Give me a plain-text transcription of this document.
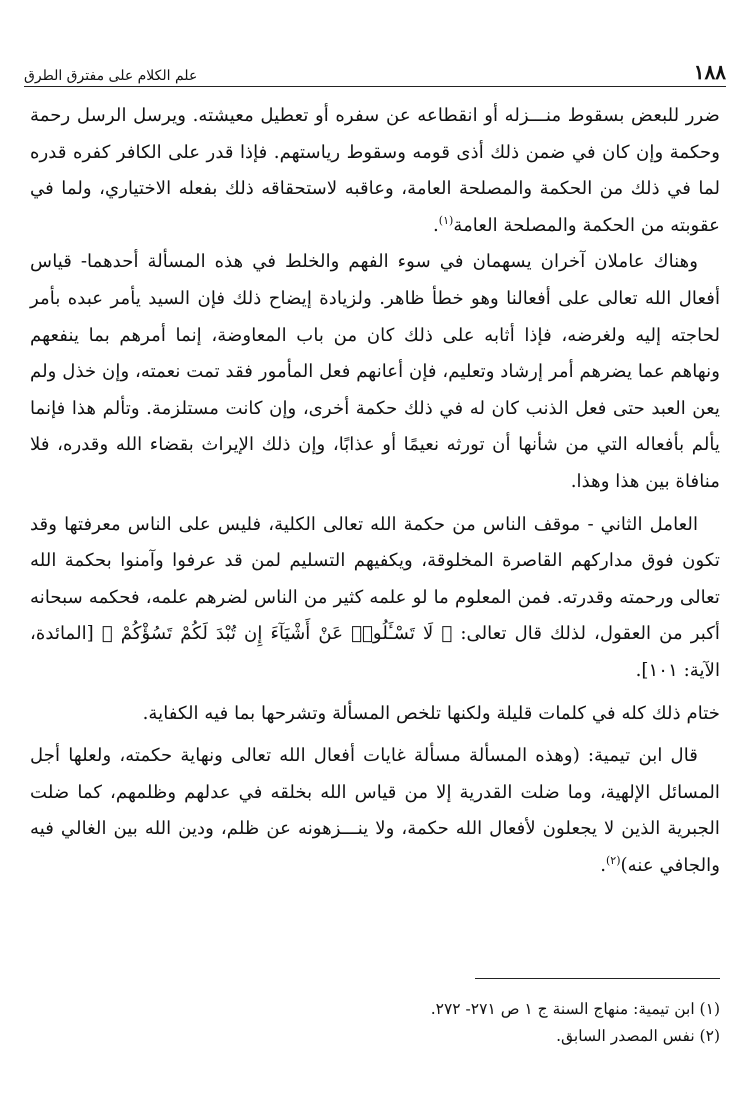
١٨٨
علم الكلام على مفترق الطرق

ضرر للبعض بسقوط منـــزله أو انقطاعه عن سفره أو تعطيل معيشته. ويرسل الرسل رحمة وحكمة وإن كان في ضمن ذلك أذى قومه وسقوط رياستهم. فإذا قدر على الكافر كفره قدره لما في ذلك من الحكمة والمصلحة العامة، وعاقبه لاستحقاقه ذلك بفعله الاختياري، ولما في عقوبته من الحكمة والمصلحة العامة$^{(١)}$.

وهناك عاملان آخران يسهمان في سوء الفهم والخلط في هذه المسألة أحدهما- قياس أفعال الله تعالى على أفعالنا وهو خطأ ظاهر. ولزيادة إيضاح ذلك فإن السيد يأمر عبده بأمر لحاجته إليه ولغرضه، فإذا أثابه على ذلك كان من باب المعاوضة، إنما أمرهم بما ينفعهم ونهاهم عما يضرهم أمر إرشاد وتعليم، فإن أعانهم فعل المأمور فقد تمت نعمته، وإن خذل ولم يعن العبد حتى فعل الذنب كان له في ذلك حكمة أخرى، وإن كانت مستلزمة. وتألم هذا فإنما يألم بأفعاله التي من شأنها أن تورثه نعيمًا أو عذابًا، وإن ذلك الإيراث بقضاء الله وقدره، فلا منافاة بين هذا وهذا.

العامل الثاني - موقف الناس من حكمة الله تعالى الكلية، فليس على الناس معرفتها وقد تكون فوق مداركهم القاصرة المخلوقة، ويكفيهم التسليم لمن قد عرفوا وآمنوا بحكمة الله تعالى ورحمته وقدرته. فمن المعلوم ما لو علمه كثير من الناس لضرهم علمه، فحكمه سبحانه أكبر من العقول، لذلك قال تعالى: ﴿ لَا تَسْـَٔلُوا۟ عَنْ أَشْيَآءَ إِن تُبْدَ لَكُمْ تَسُؤْكُمْ ﴾ [المائدة، الآية: ١٠١].

ختام ذلك كله في كلمات قليلة ولكنها تلخص المسألة وتشرحها بما فيه الكفاية.

قال ابن تيمية: (وهذه المسألة مسألة غايات أفعال الله تعالى ونهاية حكمته، ولعلها أجل المسائل الإلهية، وما ضلت القدرية إلا من قياس الله بخلقه في عدلهم وظلمهم، كما ضلت الجبرية الذين لا يجعلون لأفعال الله حكمة، ولا ينـــزهونه عن ظلم، ودين الله بين الغالي فيه والجافي عنه)$^{(٢)}$.

(١) ابن تيمية: منهاج السنة ج ١ ص ٢٧١- ٢٧٢.
(٢) نفس المصدر السابق.
